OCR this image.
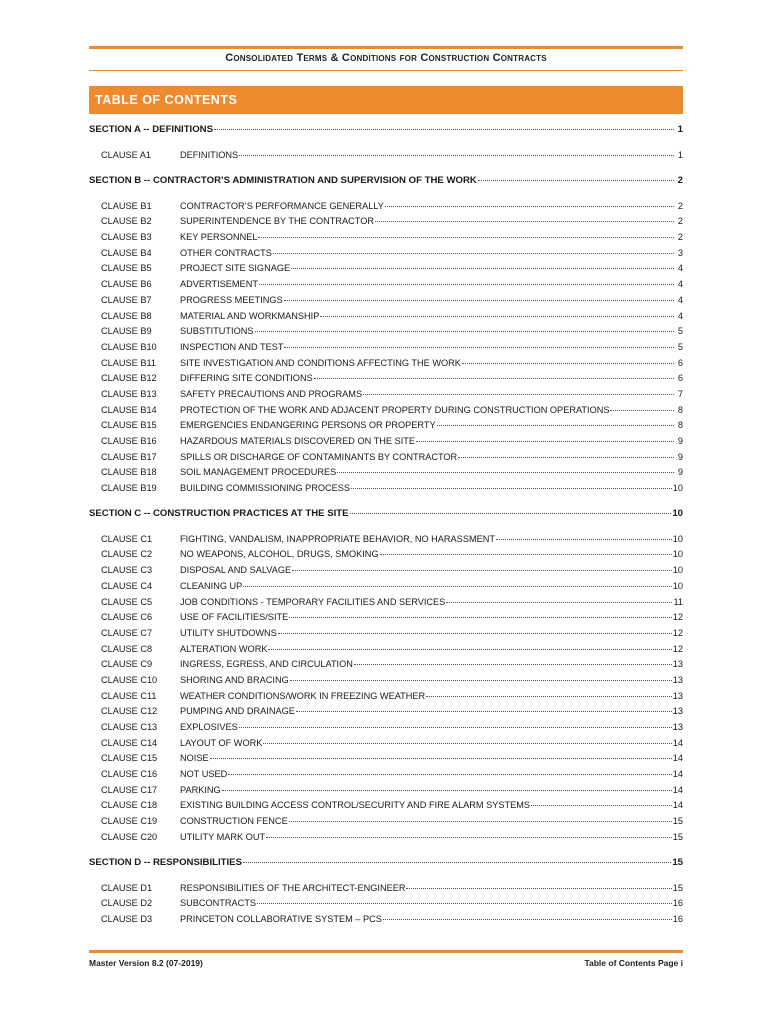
Consolidated Terms & Conditions for Construction Contracts
TABLE OF CONTENTS
SECTION A -- DEFINITIONS	1
CLAUSE A1	DEFINITIONS	1
SECTION B -- CONTRACTOR’S ADMINISTRATION AND SUPERVISION OF THE WORK	2
CLAUSE B1	CONTRACTOR’S PERFORMANCE GENERALLY	2
CLAUSE B2	SUPERINTENDENCE BY THE CONTRACTOR	2
CLAUSE B3	KEY PERSONNEL	2
CLAUSE B4	OTHER CONTRACTS	3
CLAUSE B5	PROJECT SITE SIGNAGE	4
CLAUSE B6	ADVERTISEMENT	4
CLAUSE B7	PROGRESS MEETINGS	4
CLAUSE B8	MATERIAL AND WORKMANSHIP	4
CLAUSE B9	SUBSTITUTIONS	5
CLAUSE B10	INSPECTION AND TEST	5
CLAUSE B11	SITE INVESTIGATION AND CONDITIONS AFFECTING THE WORK	6
CLAUSE B12	DIFFERING SITE CONDITIONS	6
CLAUSE B13	SAFETY PRECAUTIONS AND PROGRAMS	7
CLAUSE B14	PROTECTION OF THE WORK AND ADJACENT PROPERTY DURING CONSTRUCTION OPERATIONS	8
CLAUSE B15	EMERGENCIES ENDANGERING PERSONS OR PROPERTY	8
CLAUSE B16	HAZARDOUS MATERIALS DISCOVERED ON THE SITE	9
CLAUSE B17	SPILLS OR DISCHARGE OF CONTAMINANTS BY CONTRACTOR	9
CLAUSE B18	SOIL MANAGEMENT PROCEDURES	9
CLAUSE B19	BUILDING COMMISSIONING PROCESS	10
SECTION C -- CONSTRUCTION PRACTICES AT THE SITE	10
CLAUSE C1	FIGHTING, VANDALISM, INAPPROPRIATE BEHAVIOR, NO HARASSMENT	10
CLAUSE C2	NO WEAPONS, ALCOHOL, DRUGS, SMOKING	10
CLAUSE C3	DISPOSAL AND SALVAGE	10
CLAUSE C4	CLEANING UP	10
CLAUSE C5	JOB CONDITIONS - TEMPORARY FACILITIES AND SERVICES	11
CLAUSE C6	USE OF FACILITIES/SITE	12
CLAUSE C7	UTILITY SHUTDOWNS	12
CLAUSE C8	ALTERATION WORK	12
CLAUSE C9	INGRESS, EGRESS, AND CIRCULATION	13
CLAUSE C10	SHORING AND BRACING	13
CLAUSE C11	WEATHER CONDITIONS/WORK IN FREEZING WEATHER	13
CLAUSE C12	PUMPING AND DRAINAGE	13
CLAUSE C13	EXPLOSIVES	13
CLAUSE C14	LAYOUT OF WORK	14
CLAUSE C15	NOISE	14
CLAUSE C16	NOT USED	14
CLAUSE C17	PARKING	14
CLAUSE C18	EXISTING BUILDING ACCESS CONTROL/SECURITY AND FIRE ALARM SYSTEMS	14
CLAUSE C19	CONSTRUCTION FENCE	15
CLAUSE C20	UTILITY MARK OUT	15
SECTION D -- RESPONSIBILITIES	15
CLAUSE D1	RESPONSIBILITIES OF THE ARCHITECT-ENGINEER	15
CLAUSE D2	SUBCONTRACTS	16
CLAUSE D3	PRINCETON COLLABORATIVE SYSTEM – PCS	16
Master Version 8.2 (07-2019)	Table of Contents Page i
